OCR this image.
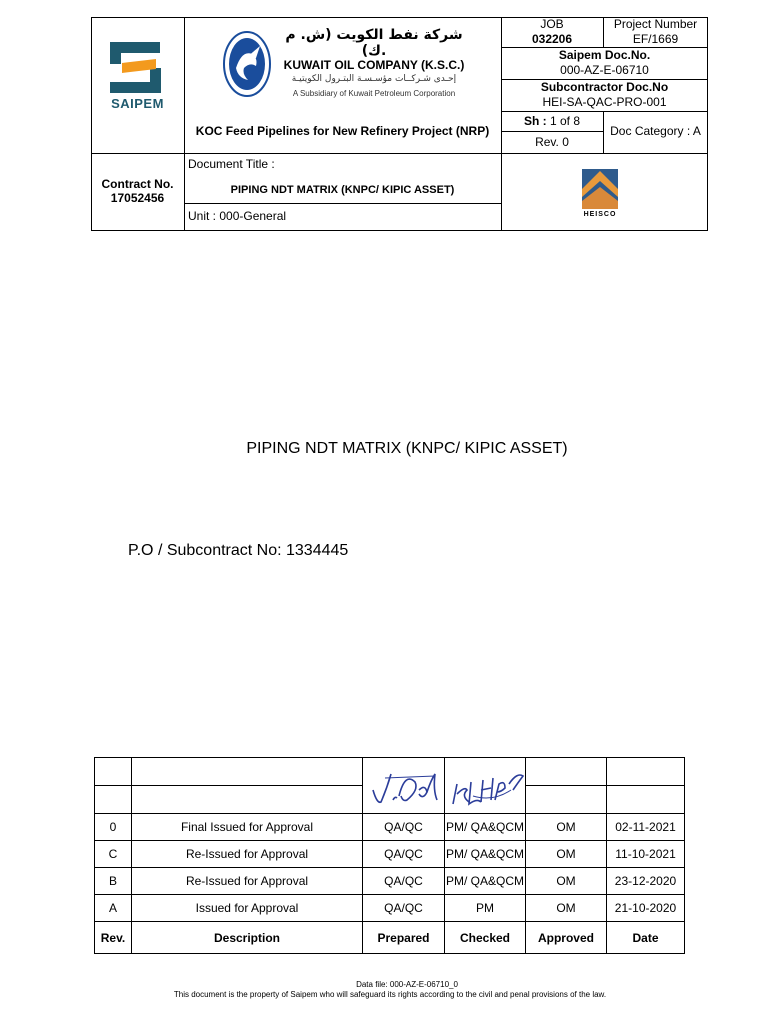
SAIPEM
شركة نفط الكويت (ش. م .ك)
KUWAIT OIL COMPANY (K.S.C.)
إحـدى شـركــات مؤسـسـة البتـرول الكويتيـة
A Subsidiary of Kuwait Petroleum Corporation
KOC Feed Pipelines for New Refinery Project (NRP)
JOB
032206
Project Number
EF/1669
Saipem Doc.No.
000-AZ-E-06710
Subcontractor Doc.No
HEI-SA-QAC-PRO-001
Sh : 1 of 8
Rev. 0
Doc Category : A
Contract No.
17052456
Document Title :
PIPING NDT MATRIX (KNPC/ KIPIC ASSET)
Unit : 000-General	HEISCO
PIPING NDT MATRIX (KNPC/ KIPIC ASSET)
P.O / Subcontract No: 1334445

0	Final Issued for Approval	QA/QC	PM/ QA&QCM	OM	02-11-2021
C	Re-Issued for Approval	QA/QC	PM/ QA&QCM	OM	11-10-2021
B	Re-Issued for Approval	QA/QC	PM/ QA&QCM	OM	23-12-2020
A	Issued for Approval	QA/QC	PM	OM	21-10-2020
Rev.	Description	Prepared	Checked	Approved	Date
Data file: 000-AZ-E-06710_0
This document is the property of Saipem who will safeguard its rights according to the civil and penal provisions of the law.
